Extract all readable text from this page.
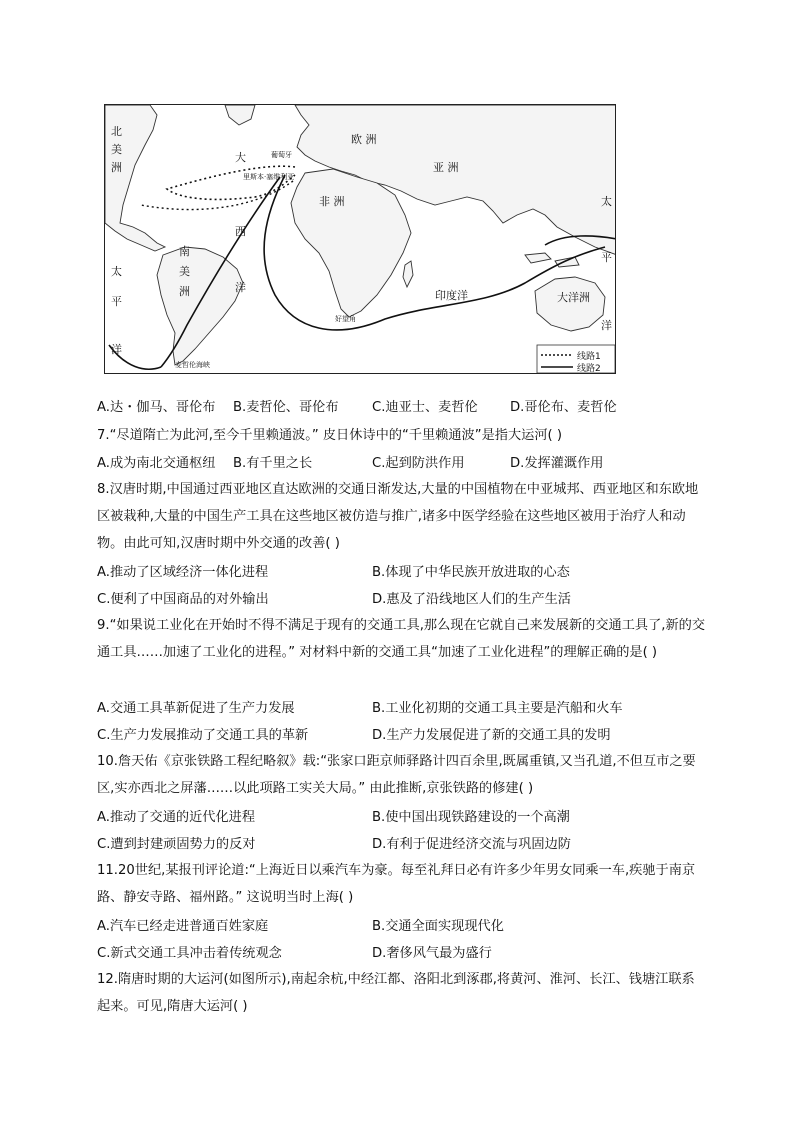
北
美
洲
大
西
洋
欧 洲
亚 洲
非 洲
南
美
洲
太
平
洋
太
平
洋
印度洋	大洋洲
葡萄牙
里斯本·塞维利亚
好望角
麦哲伦海峡
线路1
线路2
A.达・伽马、哥伦布 B.麦哲伦、哥伦布	C.迪亚士、麦哲伦 D.哥伦布、麦哲伦
7.“尽道隋亡为此河,至今千里赖通波。” 皮日休诗中的“千里赖通波”是指大运河( )
A.成为南北交通枢纽 B.有千里之长	C.起到防洪作用	D.发挥灌溉作用
8.汉唐时期,中国通过西亚地区直达欧洲的交通日渐发达,大量的中国植物在中亚城邦、西亚地区和东欧地区被栽种,大量的中国生产工具在这些地区被仿造与推广,诸多中医学经验在这些地区被用于治疗人和动物。由此可知,汉唐时期中外交通的改善( )
A.推动了区域经济一体化进程	B.体现了中华民族开放进取的心态
C.便利了中国商品的对外输出	D.惠及了沿线地区人们的生产生活
9.“如果说工业化在开始时不得不满足于现有的交通工具,那么现在它就自己来发展新的交通工具了,新的交通工具……加速了工业化的进程。” 对材料中新的交通工具“加速了工业化进程”的理解正确的是( )
A.交通工具革新促进了生产力发展	B.工业化初期的交通工具主要是汽船和火车
C.生产力发展推动了交通工具的革新	D.生产力发展促进了新的交通工具的发明
10.詹天佑《京张铁路工程纪略叙》载:“张家口距京师驿路计四百余里,既属重镇,又当孔道,不但互市之要区,实亦西北之屏藩……以此项路工实关大局。” 由此推断,京张铁路的修建( )
A.推动了交通的近代化进程	B.使中国出现铁路建设的一个高潮
C.遭到封建顽固势力的反对	D.有利于促进经济交流与巩固边防
11.20世纪,某报刊评论道:“上海近日以乘汽车为豪。每至礼拜日必有许多少年男女同乘一车,疾驰于南京路、静安寺路、福州路。” 这说明当时上海( )
A.汽车已经走进普通百姓家庭	B.交通全面实现现代化
C.新式交通工具冲击着传统观念	D.奢侈风气最为盛行
12.隋唐时期的大运河(如图所示),南起余杭,中经江都、洛阳北到涿郡,将黄河、淮河、长江、钱塘江联系起来。可见,隋唐大运河( )
